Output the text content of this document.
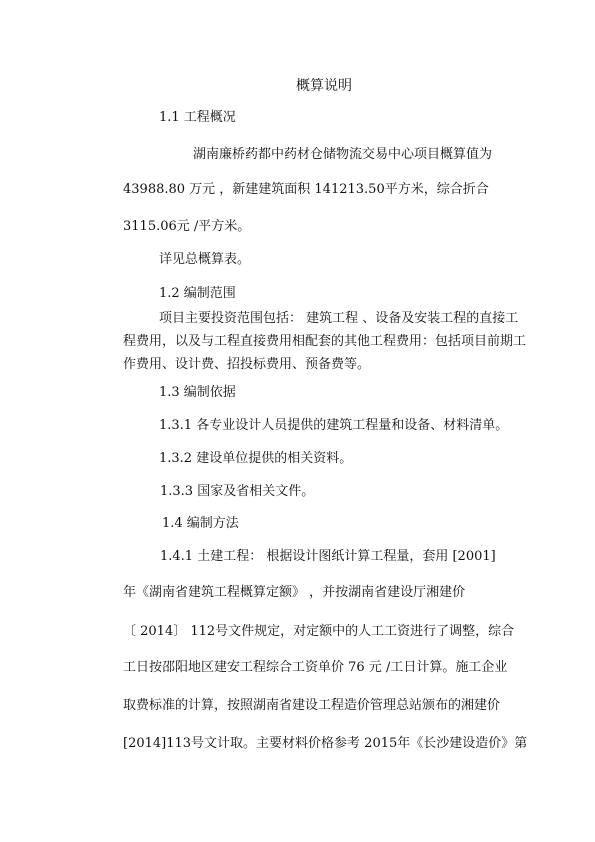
概算说明
1.1 工程概况
湖南廉桥药都中药材仓储物流交易中心项目概算值为
43988.80 万元 ，新建建筑面积 141213.50平方米，综合折合
3115.06元 /平方米。
详见总概算表。
1.2 编制范围
项目主要投资范围包括： 建筑工程 、设备及安装工程的直接工
程费用，以及与工程直接费用相配套的其他工程费用：包括项目前期工
作费用、设计费、招投标费用、预备费等。
1.3 编制依据
1.3.1 各专业设计人员提供的建筑工程量和设备、材料清单。
1.3.2 建设单位提供的相关资料。
1.3.3 国家及省相关文件。
1.4 编制方法
1.4.1 土建工程： 根据设计图纸计算工程量，套用 [2001]
年《湖南省建筑工程概算定额》 ，并按湖南省建设厅湘建价
〔 2014〕 112号文件规定，对定额中的人工工资进行了调整，综合
工日按邵阳地区建安工程综合工资单价 76 元 /工日计算。施工企业
取费标准的计算，按照湖南省建设工程造价管理总站颁布的湘建价
[2014]113号文计取。主要材料价格参考 2015年《长沙建设造价》第
